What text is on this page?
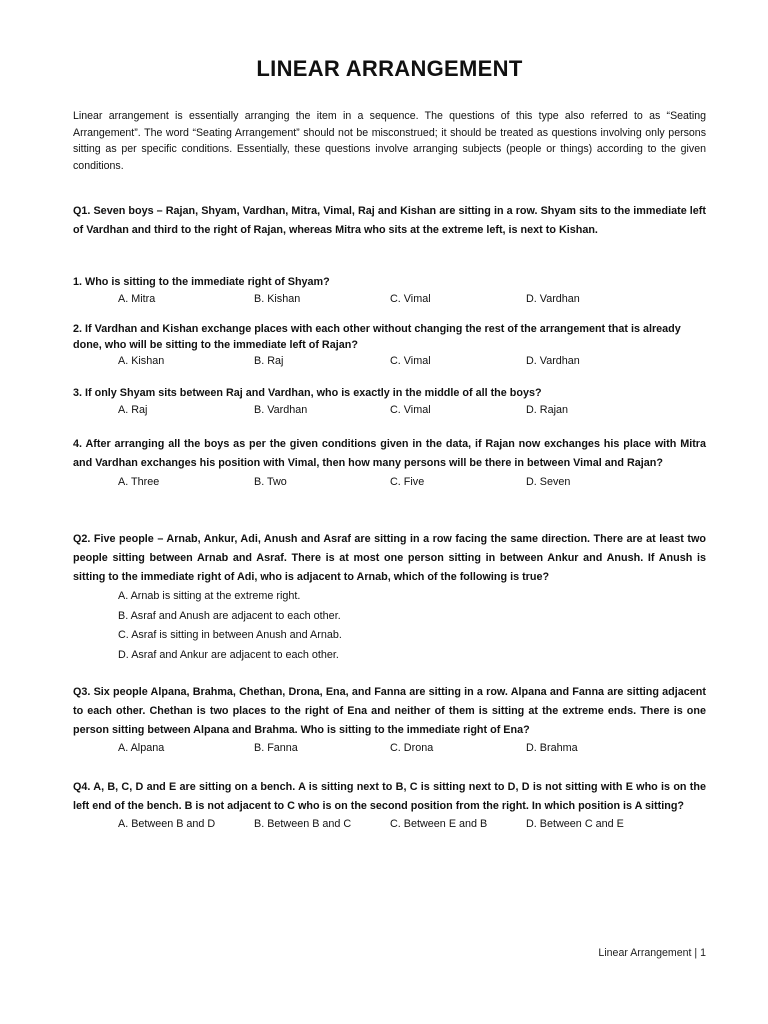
LINEAR ARRANGEMENT
Linear arrangement is essentially arranging the item in a sequence. The questions of this type also referred to as “Seating Arrangement”. The word “Seating Arrangement” should not be misconstrued; it should be treated as questions involving only persons sitting as per specific conditions. Essentially, these questions involve arranging subjects (people or things) according to the given conditions.
Q1. Seven boys – Rajan, Shyam, Vardhan, Mitra, Vimal, Raj and Kishan are sitting in a row. Shyam sits to the immediate left of Vardhan and third to the right of Rajan, whereas Mitra who sits at the extreme left, is next to Kishan.
1. Who is sitting to the immediate right of Shyam?
A. Mitra	B. Kishan	C. Vimal	D. Vardhan
2. If Vardhan and Kishan exchange places with each other without changing the rest of the arrangement that is already done, who will be sitting to the immediate left of Rajan?
A. Kishan	B. Raj	C. Vimal	D. Vardhan
3. If only Shyam sits between Raj and Vardhan, who is exactly in the middle of all the boys?
A. Raj	B. Vardhan	C. Vimal	D. Rajan
4. After arranging all the boys as per the given conditions given in the data, if Rajan now exchanges his place with Mitra and Vardhan exchanges his position with Vimal, then how many persons will be there in between Vimal and Rajan?
A. Three	B. Two	C. Five	D. Seven
Q2. Five people – Arnab, Ankur, Adi, Anush and Asraf are sitting in a row facing the same direction. There are at least two people sitting between Arnab and Asraf. There is at most one person sitting in between Ankur and Anush. If Anush is sitting to the immediate right of Adi, who is adjacent to Arnab, which of the following is true?
A. Arnab is sitting at the extreme right.
B. Asraf and Anush are adjacent to each other.
C. Asraf is sitting in between Anush and Arnab.
D. Asraf and Ankur are adjacent to each other.
Q3. Six people Alpana, Brahma, Chethan, Drona, Ena, and Fanna are sitting in a row. Alpana and Fanna are sitting adjacent to each other. Chethan is two places to the right of Ena and neither of them is sitting at the extreme ends. There is one person sitting between Alpana and Brahma. Who is sitting to the immediate right of Ena?
A. Alpana	B. Fanna	C. Drona	D. Brahma
Q4. A, B, C, D and E are sitting on a bench. A is sitting next to B, C is sitting next to D, D is not sitting with E who is on the left end of the bench. B is not adjacent to C who is on the second position from the right. In which position is A sitting?
A. Between B and D	B. Between B and C	C. Between E and B	D. Between C and E
Linear Arrangement | 1
